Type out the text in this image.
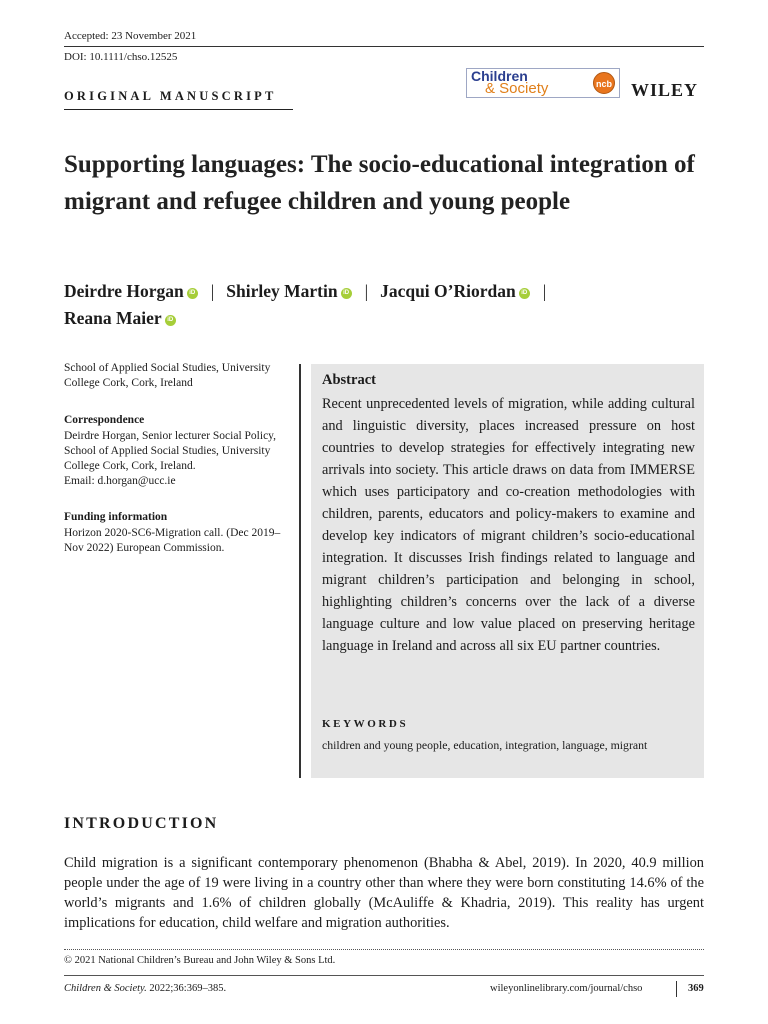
Accepted: 23 November 2021
DOI: 10.1111/chso.12525
Children
& Society	ncb WILEY
ORIGINAL MANUSCRIPT
Supporting languages: The socio-educational integration of migrant and refugee children and young people
Deirdre Horgan iD | Shirley Martin iD | Jacqui O’Riordan iD |
Reana Maier iD
School of Applied Social Studies, University College Cork, Cork, Ireland
Correspondence
Deirdre Horgan, Senior lecturer Social Policy, School of Applied Social Studies, University College Cork, Cork, Ireland.
Email: d.horgan@ucc.ie
Funding information
Horizon 2020-SC6-Migration call. (Dec 2019–Nov 2022) European Commission.
Abstract
Recent unprecedented levels of migration, while adding cultural and linguistic diversity, places increased pressure on host countries to develop strategies for effectively integrating new arrivals into society. This article draws on data from IMMERSE which uses participatory and co-creation methodologies with children, parents, educators and policy-makers to examine and develop key indicators of migrant children’s socio-educational integration. It discusses Irish findings related to language and migrant children’s participation and belonging in school, highlighting children’s concerns over the lack of a diverse language culture and low value placed on preserving heritage language in Ireland and across all six EU partner countries.
KEYWORDS
children and young people, education, integration, language, migrant
INTRODUCTION
Child migration is a significant contemporary phenomenon (Bhabha & Abel, 2019). In 2020, 40.9 million people under the age of 19 were living in a country other than where they were born constituting 14.6% of the world’s migrants and 1.6% of children globally (McAuliffe & Khadria, 2019). This reality has urgent implications for education, child welfare and migration authorities.
© 2021 National Children’s Bureau and John Wiley & Sons Ltd.
Children & Society. 2022;36:369–385.	wileyonlinelibrary.com/journal/chso	369
